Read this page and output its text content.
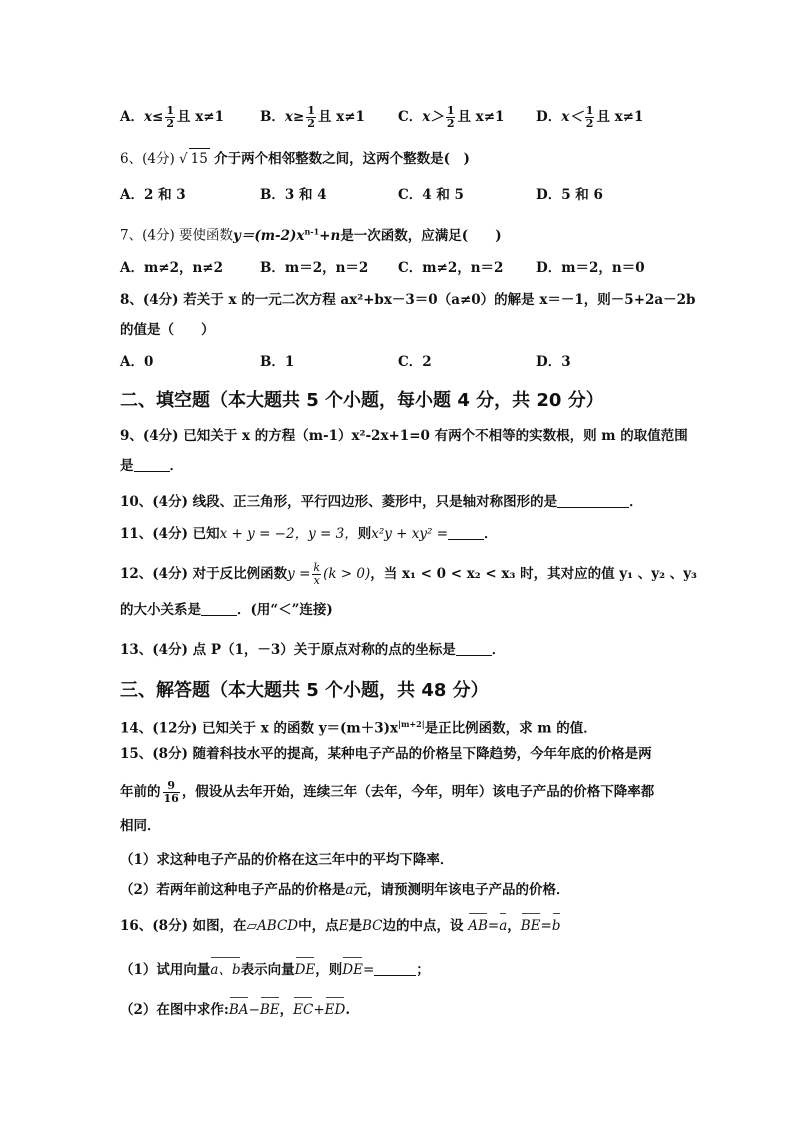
A．$x\le \frac{1}{2}$ 且 x≠1	B．$x\ge \frac{1}{2}$ 且 x≠1 C．$x> \frac{1}{2}$ 且 x≠1 D．$x< \frac{1}{2}$ 且 x≠1
6、(4分) √ 15 介于两个相邻整数之间，这两个整数是(　)
A．2 和 3	B．3 和 4	C．4 和 5	D．5 和 6
7、(4分) 要使函数$y=(m-2)x^{n-1}+n$是一次函数，应满足(　　)
A．m≠2，n≠2	B．m＝2，n＝2 C．m≠2，n＝2 D．m＝2，n＝0
8、(4分) 若关于 x 的一元二次方程 ax²+bx－3＝0（a≠0）的解是 x＝－1，则－5+2a－2b
的值是（　　）
A．0	B．1	C．2	D．3
二、填空题（本大题共 5 个小题，每小题 4 分，共 20 分）
9、(4分) 已知关于 x 的方程（m-1）x²-2x+1=0 有两个不相等的实数根，则 m 的取值范围
是	．
10、(4分) 线段、正三角形，平行四边形、菱形中，只是轴对称图形的是	．
11、(4分) 已知x + y = −2，y = 3，则x²y + xy² =	．
12、(4分) 对于反比例函数$y = \frac{k}{x} (k > 0)$，当 x₁ < 0 < x₂ < x₃ 时，其对应的值 y₁ 、y₂ 、y₃
的大小关系是	．(用“＜”连接)
13、(4分) 点 P（1，－3）关于原点对称的点的坐标是	．
三、解答题（本大题共 5 个小题，共 48 分）
14、(12分) 已知关于 x 的函数 $y=(m+3)x^{|m+2|}$是正比例函数，求 m 的值．
15、(8分) 随着科技水平的提高，某种电子产品的价格呈下降趋势，今年年底的价格是两
年前的 $\frac{9}{16}$ ，假设从去年开始，连续三年（去年，今年，明年）该电子产品的价格下降率都
相同．
（1）求这种电子产品的价格在这三年中的平均下降率．
（2）若两年前这种电子产品的价格是a元，请预测明年该电子产品的价格．
16、(8分) 如图，在▱ABCD中，点E是BC边的中点，设 AB=a，BE=b
（1）试用向量a、b表示向量DE，则DE=	；
（2）在图中求作:BA−BE，EC+ED.
